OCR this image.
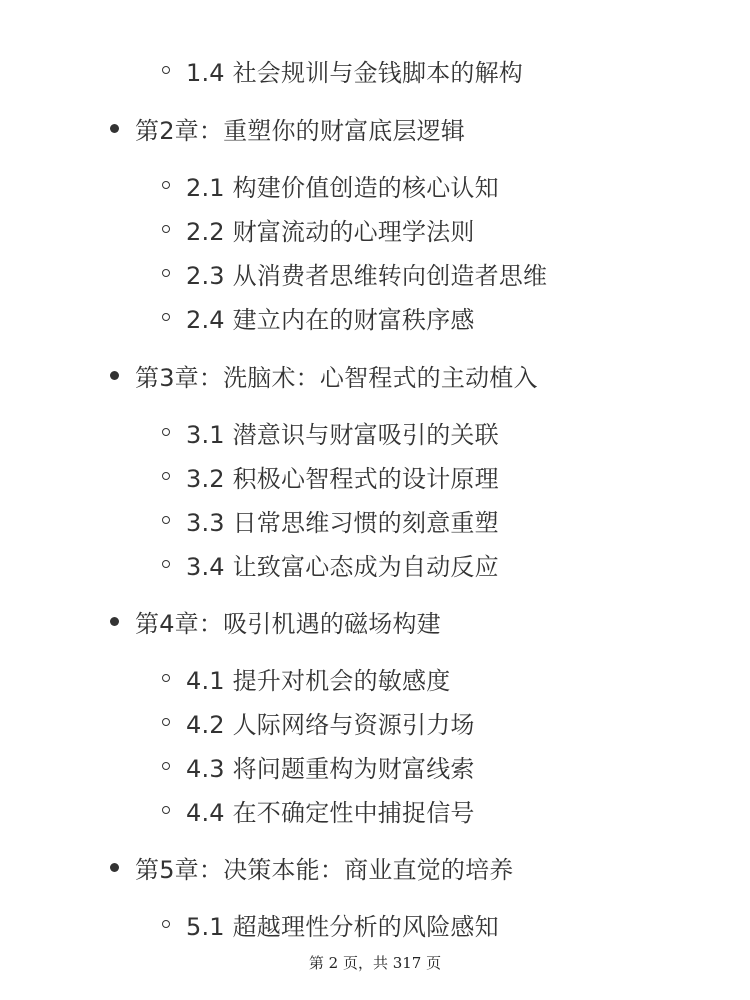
1.4 社会规训与金钱脚本的解构
第2章：重塑你的财富底层逻辑
2.1 构建价值创造的核心认知
2.2 财富流动的心理学法则
2.3 从消费者思维转向创造者思维
2.4 建立内在的财富秩序感
第3章：洗脑术：心智程式的主动植入
3.1 潜意识与财富吸引的关联
3.2 积极心智程式的设计原理
3.3 日常思维习惯的刻意重塑
3.4 让致富心态成为自动反应
第4章：吸引机遇的磁场构建
4.1 提升对机会的敏感度
4.2 人际网络与资源引力场
4.3 将问题重构为财富线索
4.4 在不确定性中捕捉信号
第5章：决策本能：商业直觉的培养
5.1 超越理性分析的风险感知
第 2 页，共 317 页
